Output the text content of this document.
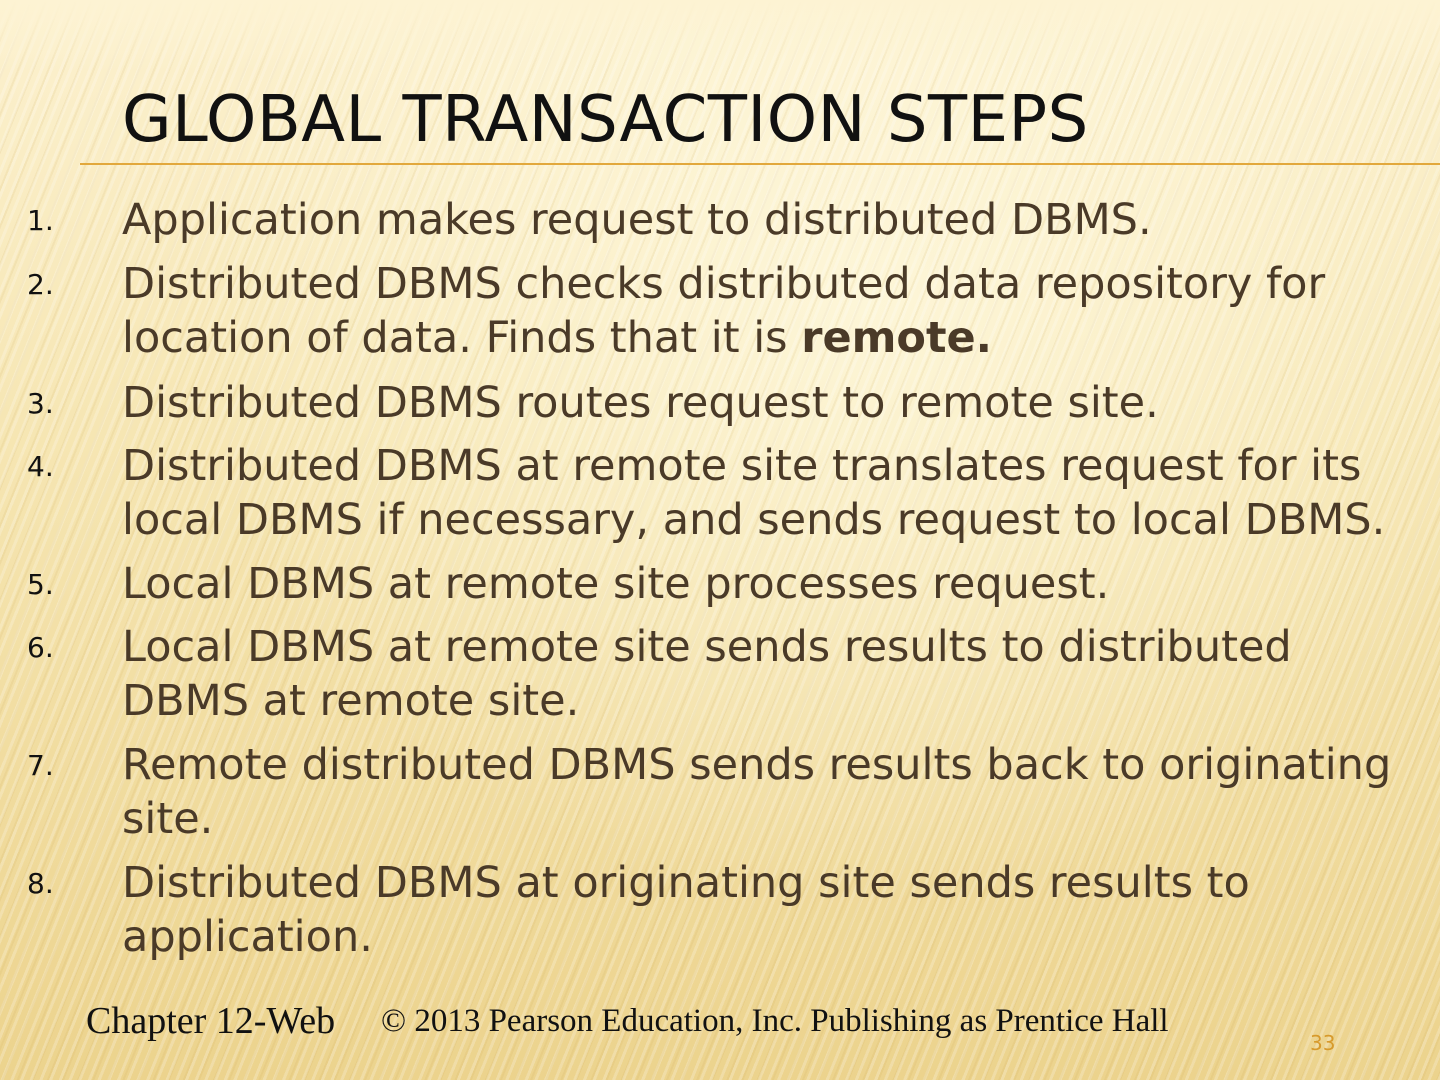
GLOBAL TRANSACTION STEPS
1. Application makes request to distributed DBMS.
2. Distributed DBMS checks distributed data repository for
location of data. Finds that it is remote.
3. Distributed DBMS routes request to remote site.
4. Distributed DBMS at remote site translates request for its
local DBMS if necessary, and sends request to local DBMS.
5. Local DBMS at remote site processes request.
6. Local DBMS at remote site sends results to distributed
DBMS at remote site.
7. Remote distributed DBMS sends results back to originating
site.
8. Distributed DBMS at originating site sends results to
application.
Chapter 12-Web © 2013 Pearson Education, Inc. Publishing as Prentice Hall
33
